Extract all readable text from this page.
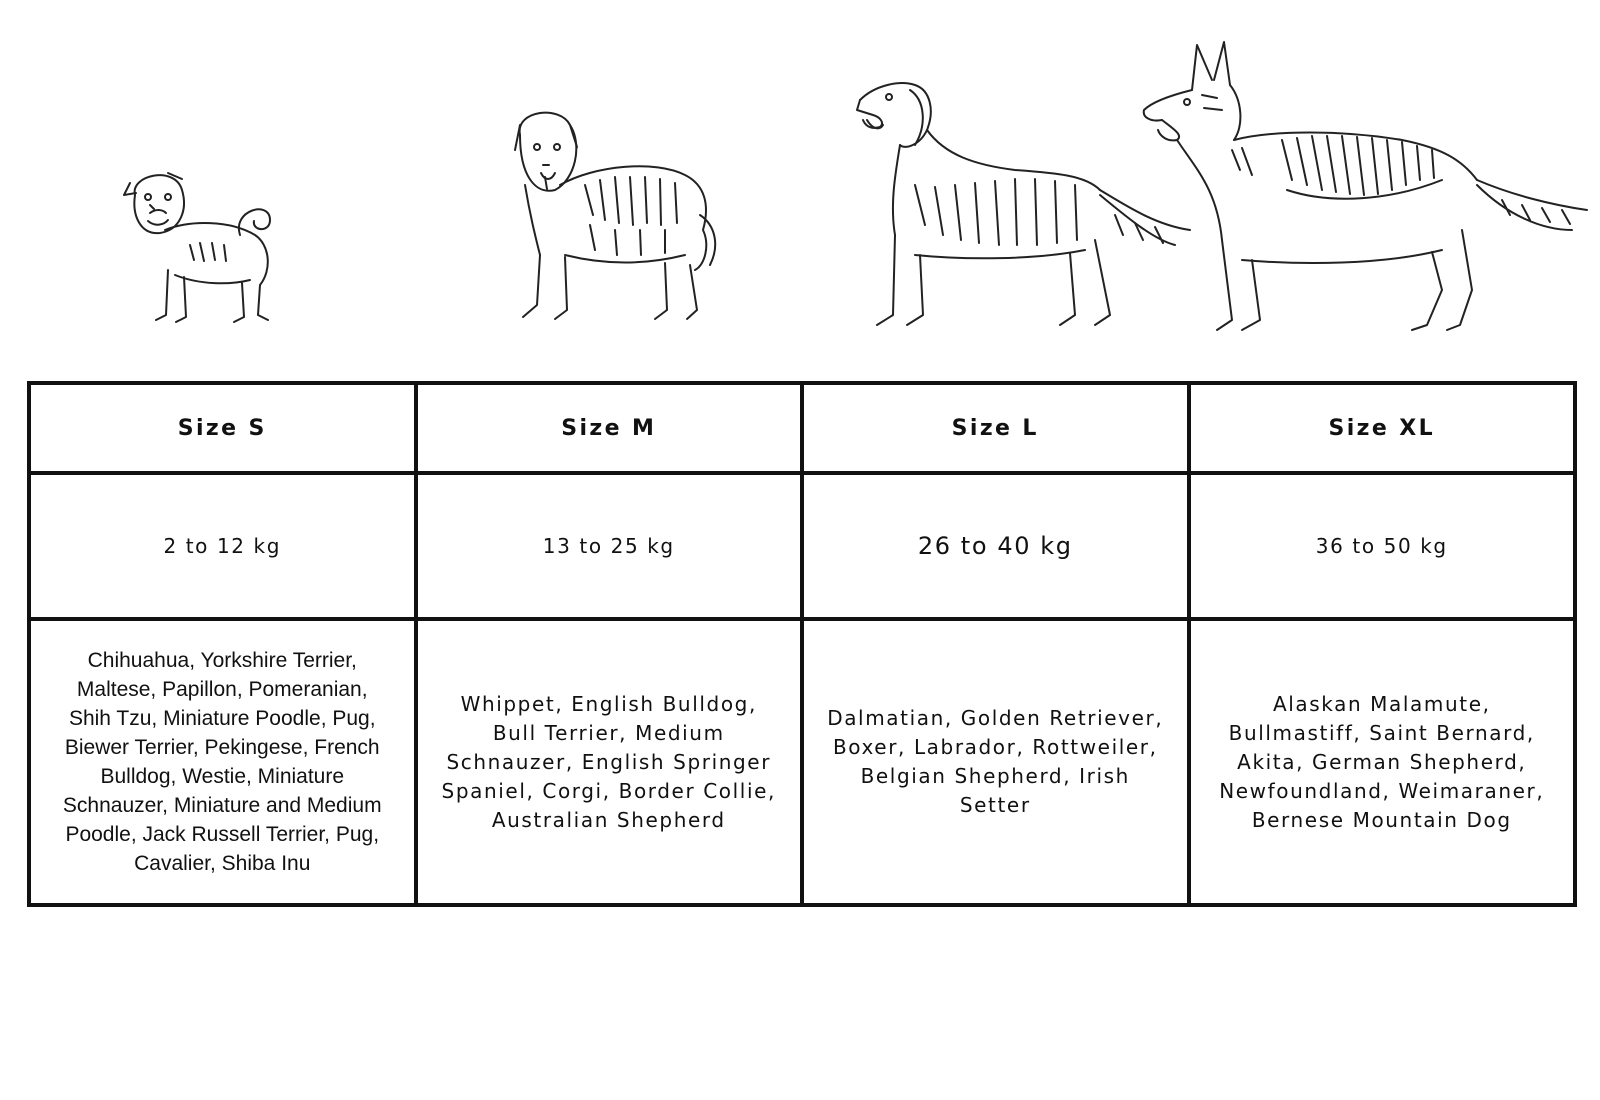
Size S	Size M	Size L	Size XL
2 to 12 kg	13 to 25 kg	26 to 40 kg	36 to 50 kg
Chihuahua, Yorkshire Terrier, Maltese, Papillon, Pomeranian, Shih Tzu, Miniature Poodle, Pug, Biewer Terrier, Pekingese, French Bulldog, Westie, Miniature Schnauzer, Miniature and Medium Poodle, Jack Russell Terrier, Pug, Cavalier, Shiba Inu	Whippet, English Bulldog, Bull Terrier, Medium Schnauzer, English Springer Spaniel, Corgi, Border Collie, Australian Shepherd	Dalmatian, Golden Retriever, Boxer, Labrador, Rottweiler, Belgian Shepherd, Irish Setter	Alaskan Malamute, Bullmastiff, Saint Bernard, Akita, German Shepherd, Newfoundland, Weimaraner, Bernese Mountain Dog
